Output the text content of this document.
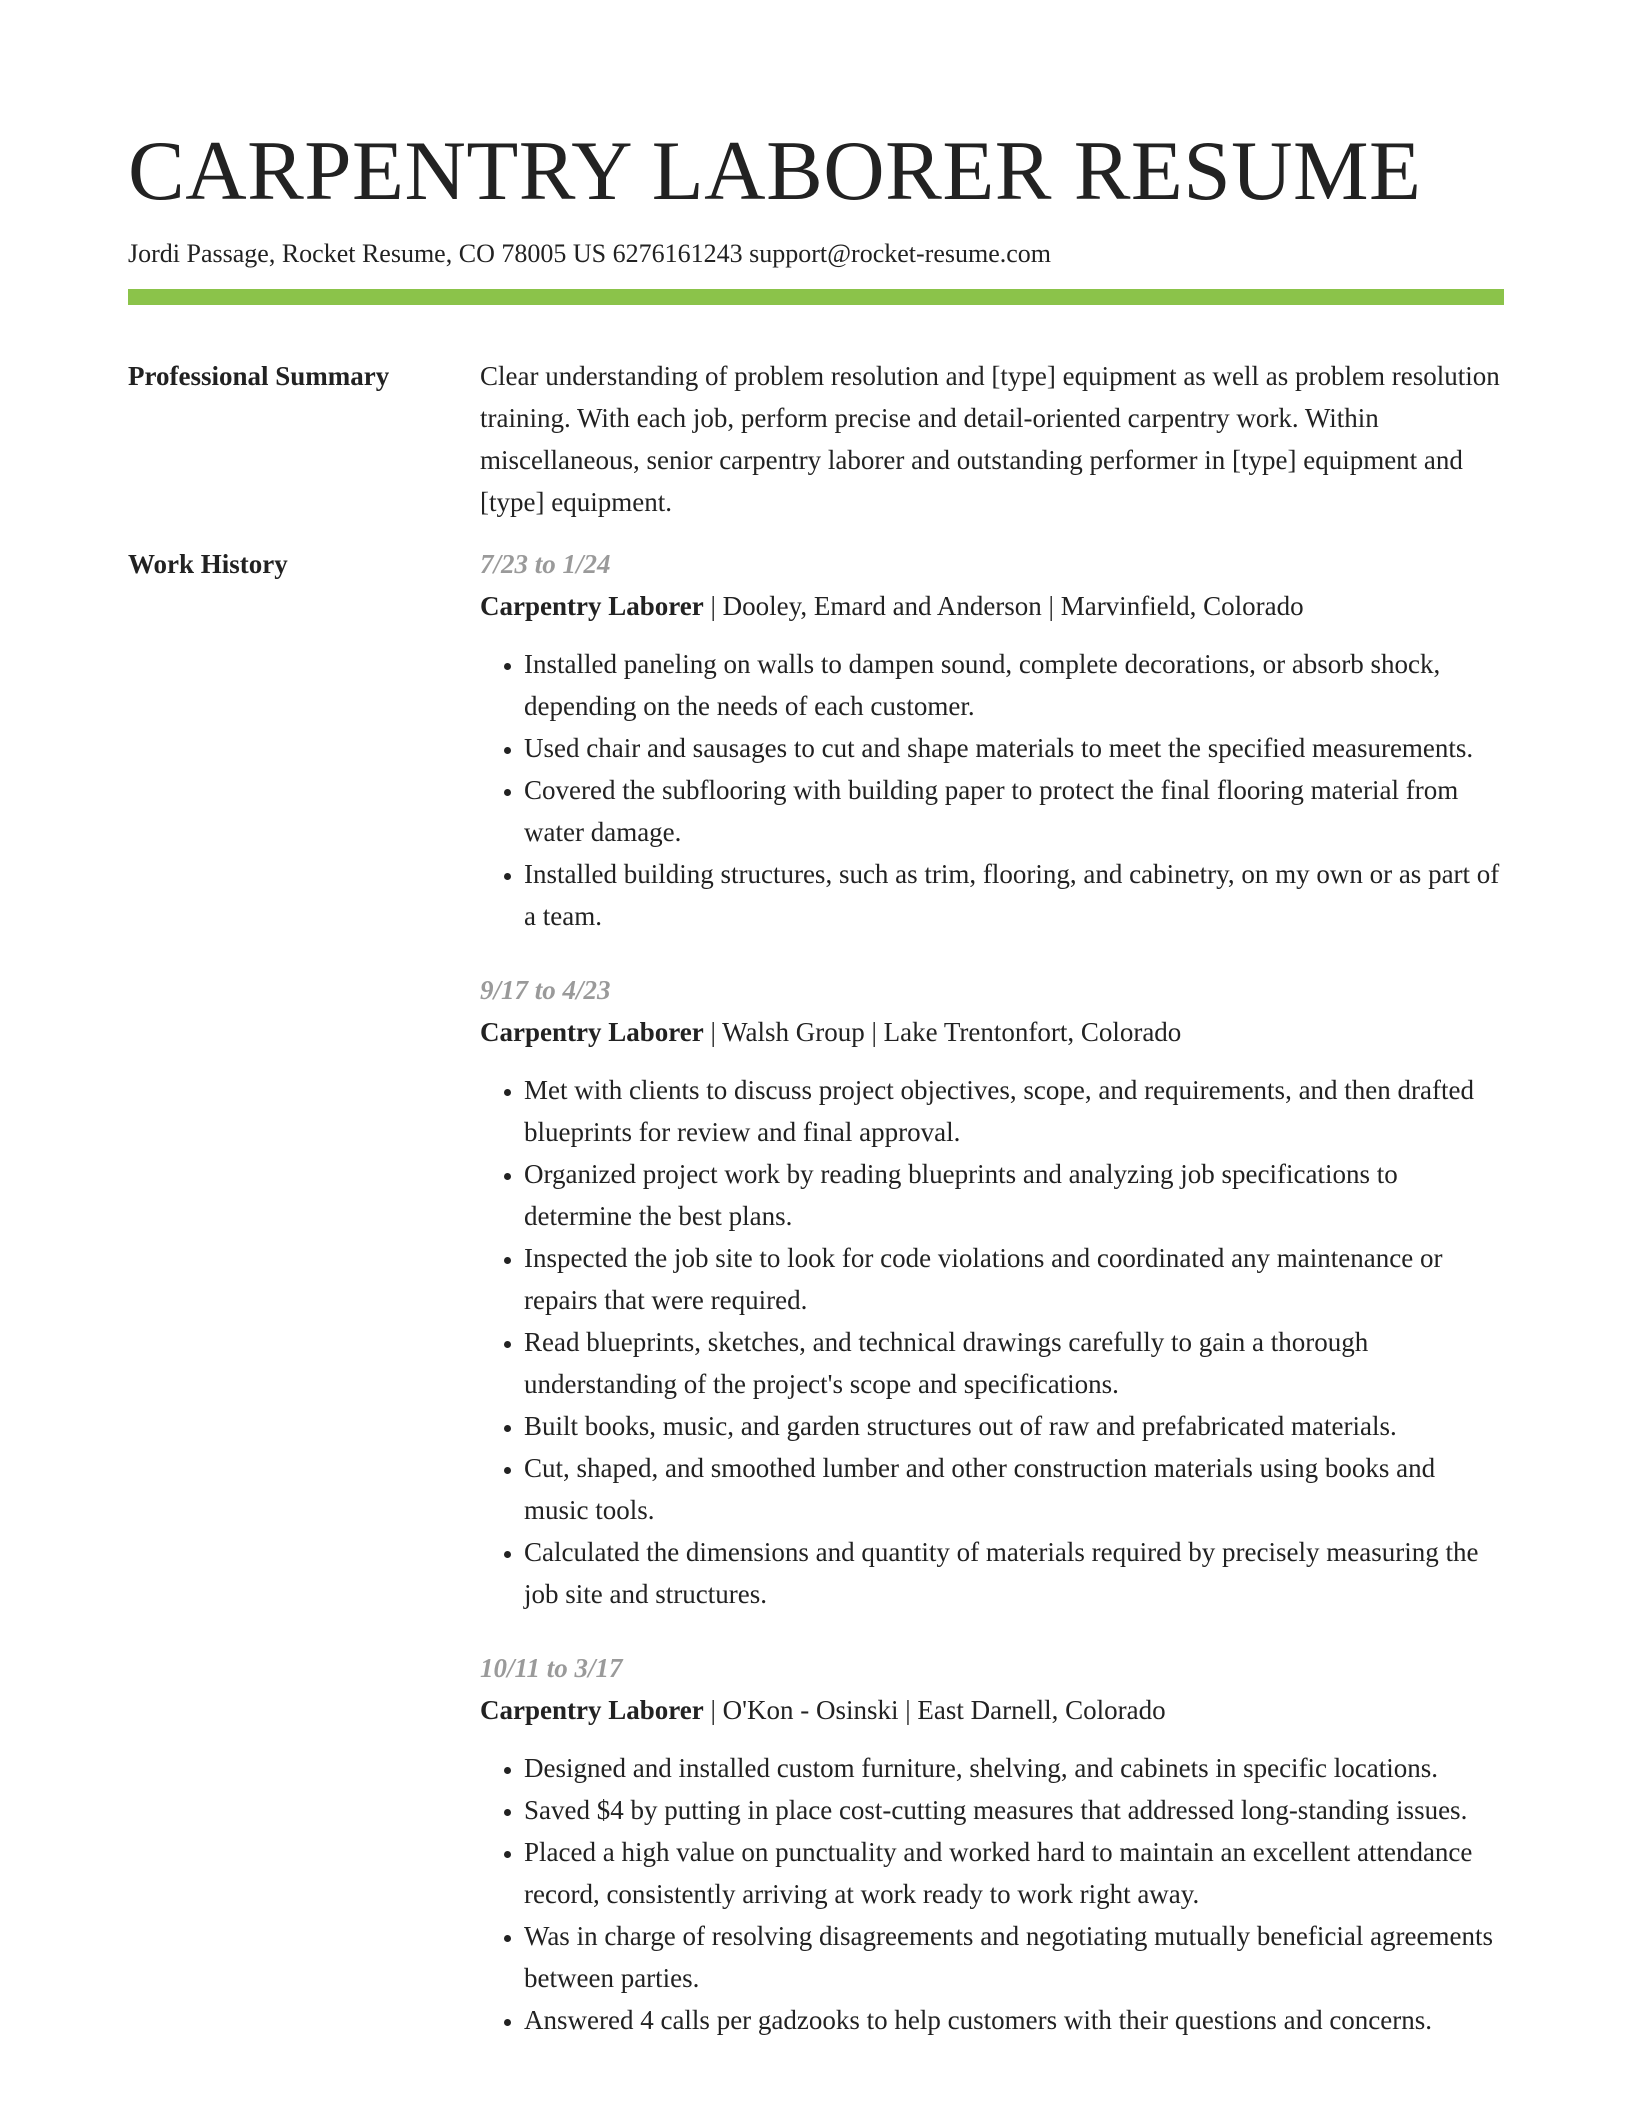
CARPENTRY LABORER RESUME
Jordi Passage, Rocket Resume, CO 78005 US 6276161243 support@rocket-resume.com
Professional Summary	Clear understanding of problem resolution and [type] equipment as well as problem resolution training. With each job, perform precise and detail-oriented carpentry work. Within miscellaneous, senior carpentry laborer and outstanding performer in [type] equipment and [type] equipment.

Work History	7/23 to 1/24
Carpentry Laborer | Dooley, Emard and Anderson | Marvinfield, Colorado
• Installed paneling on walls to dampen sound, complete decorations, or absorb shock, depending on the needs of each customer.
• Used chair and sausages to cut and shape materials to meet the specified measurements.
• Covered the subflooring with building paper to protect the final flooring material from water damage.
• Installed building structures, such as trim, flooring, and cabinetry, on my own or as part of a team.
9/17 to 4/23
Carpentry Laborer | Walsh Group | Lake Trentonfort, Colorado
• Met with clients to discuss project objectives, scope, and requirements, and then drafted blueprints for review and final approval.
• Organized project work by reading blueprints and analyzing job specifications to determine the best plans.
• Inspected the job site to look for code violations and coordinated any maintenance or repairs that were required.
• Read blueprints, sketches, and technical drawings carefully to gain a thorough understanding of the project's scope and specifications.
• Built books, music, and garden structures out of raw and prefabricated materials.
• Cut, shaped, and smoothed lumber and other construction materials using books and music tools.
• Calculated the dimensions and quantity of materials required by precisely measuring the job site and structures.
10/11 to 3/17
Carpentry Laborer | O'Kon - Osinski | East Darnell, Colorado
• Designed and installed custom furniture, shelving, and cabinets in specific locations.
• Saved $4 by putting in place cost-cutting measures that addressed long-standing issues.
• Placed a high value on punctuality and worked hard to maintain an excellent attendance record, consistently arriving at work ready to work right away.
• Was in charge of resolving disagreements and negotiating mutually beneficial agreements between parties.
• Answered 4 calls per gadzooks to help customers with their questions and concerns.
